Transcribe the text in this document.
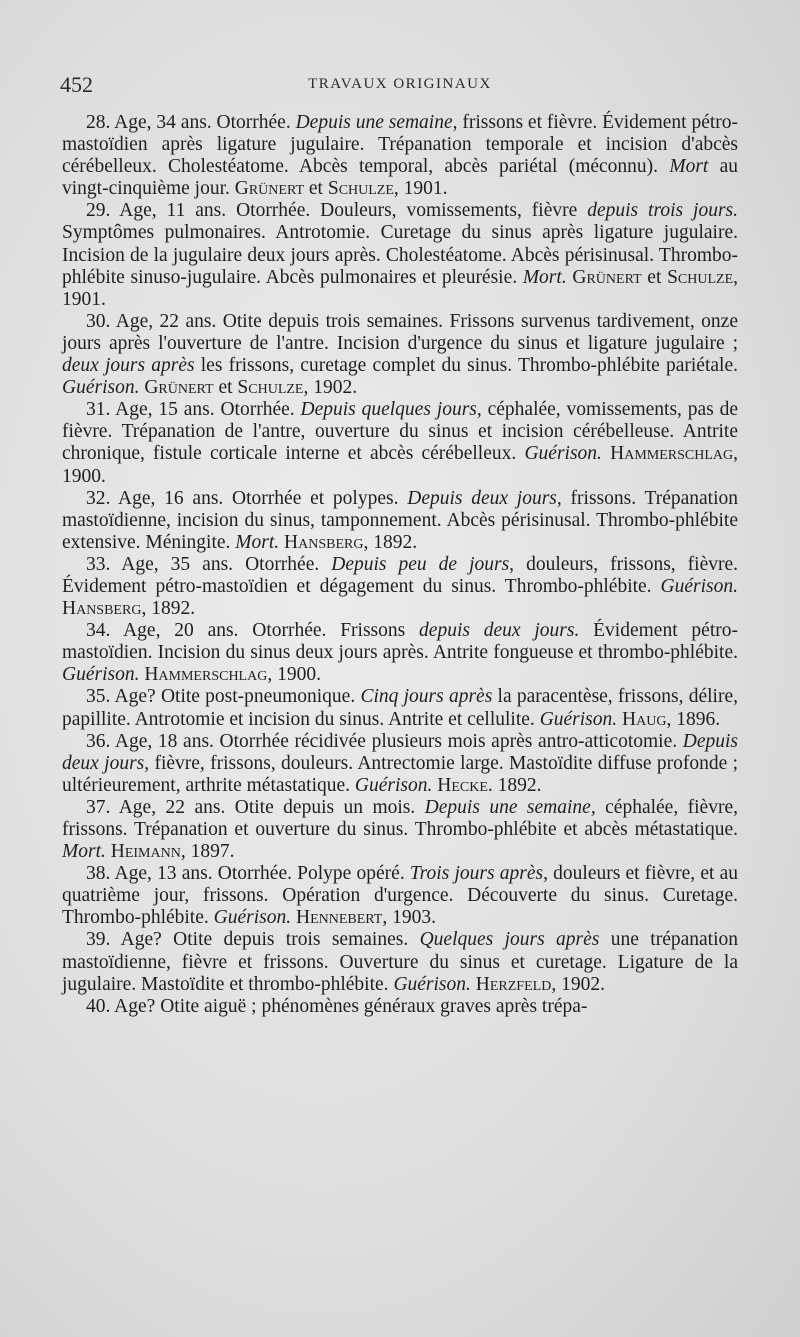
452	TRAVAUX ORIGINAUX

28. Age, 34 ans. Otorrhée. Depuis une semaine, frissons et fièvre. Évidement pétro-mastoïdien après ligature jugulaire. Trépanation temporale et incision d'abcès cérébelleux. Cholestéatome. Abcès temporal, abcès pariétal (méconnu). Mort au vingt-cinquième jour. Grünert et Schulze, 1901.

29. Age, 11 ans. Otorrhée. Douleurs, vomissements, fièvre depuis trois jours. Symptômes pulmonaires. Antrotomie. Curetage du sinus après ligature jugulaire. Incision de la jugulaire deux jours après. Cholestéatome. Abcès périsinusal. Thrombo-phlébite sinuso-jugulaire. Abcès pulmonaires et pleurésie. Mort. Grünert et Schulze, 1901.

30. Age, 22 ans. Otite depuis trois semaines. Frissons survenus tardivement, onze jours après l'ouverture de l'antre. Incision d'urgence du sinus et ligature jugulaire ; deux jours après les frissons, curetage complet du sinus. Thrombo-phlébite pariétale. Guérison. Grünert et Schulze, 1902.

31. Age, 15 ans. Otorrhée. Depuis quelques jours, céphalée, vomissements, pas de fièvre. Trépanation de l'antre, ouverture du sinus et incision cérébelleuse. Antrite chronique, fistule corticale interne et abcès cérébelleux. Guérison. Hammerschlag, 1900.

32. Age, 16 ans. Otorrhée et polypes. Depuis deux jours, frissons. Trépanation mastoïdienne, incision du sinus, tamponnement. Abcès périsinusal. Thrombo-phlébite extensive. Méningite. Mort. Hansberg, 1892.

33. Age, 35 ans. Otorrhée. Depuis peu de jours, douleurs, frissons, fièvre. Évidement pétro-mastoïdien et dégagement du sinus. Thrombo-phlébite. Guérison. Hansberg, 1892.

34. Age, 20 ans. Otorrhée. Frissons depuis deux jours. Évidement pétro-mastoïdien. Incision du sinus deux jours après. Antrite fongueuse et thrombo-phlébite. Guérison. Hammerschlag, 1900.

35. Age? Otite post-pneumonique. Cinq jours après la paracentèse, frissons, délire, papillite. Antrotomie et incision du sinus. Antrite et cellulite. Guérison. Haug, 1896.

36. Age, 18 ans. Otorrhée récidivée plusieurs mois après antro-atticotomie. Depuis deux jours, fièvre, frissons, douleurs. Antrectomie large. Mastoïdite diffuse profonde ; ultérieurement, arthrite métastatique. Guérison. Hecke. 1892.

37. Age, 22 ans. Otite depuis un mois. Depuis une semaine, céphalée, fièvre, frissons. Trépanation et ouverture du sinus. Thrombo-phlébite et abcès métastatique. Mort. Heimann, 1897.

38. Age, 13 ans. Otorrhée. Polype opéré. Trois jours après, douleurs et fièvre, et au quatrième jour, frissons. Opération d'urgence. Découverte du sinus. Curetage. Thrombo-phlébite. Guérison. Hennebert, 1903.

39. Age? Otite depuis trois semaines. Quelques jours après une trépanation mastoïdienne, fièvre et frissons. Ouverture du sinus et curetage. Ligature de la jugulaire. Mastoïdite et thrombo-phlébite. Guérison. Herzfeld, 1902.

40. Age? Otite aiguë ; phénomènes généraux graves après trépa-
